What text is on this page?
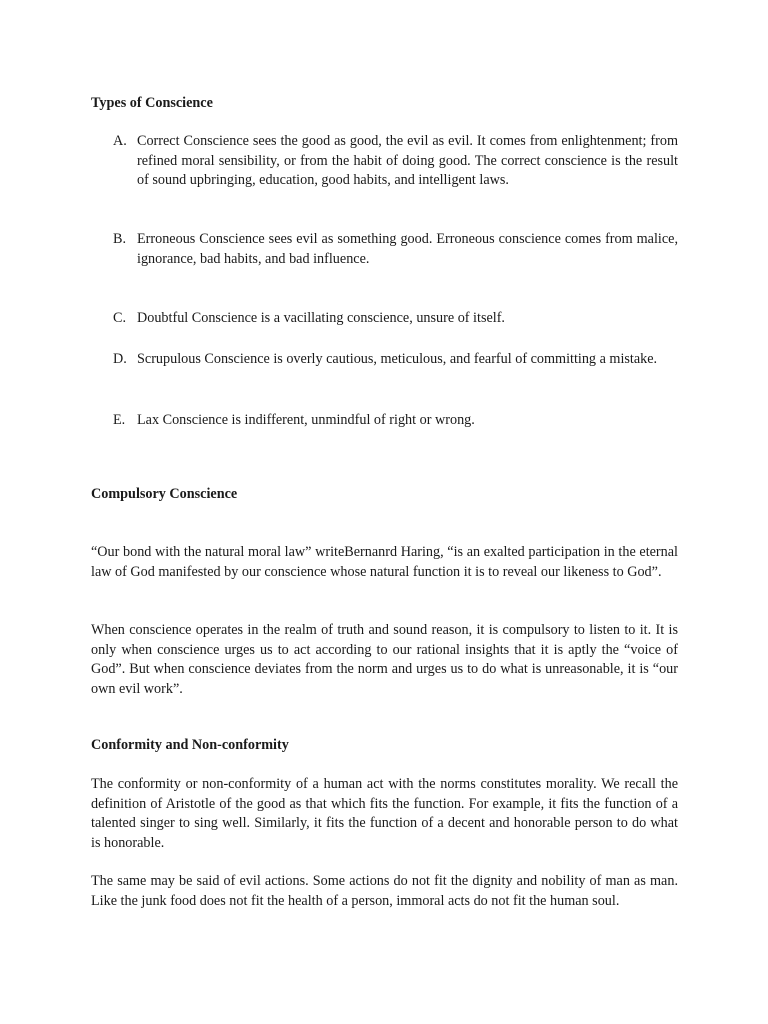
Types of Conscience
A. Correct Conscience sees the good as good, the evil as evil. It comes from enlightenment; from refined moral sensibility, or from the habit of doing good. The correct conscience is the result of sound upbringing, education, good habits, and intelligent laws.
B. Erroneous Conscience sees evil as something good. Erroneous conscience comes from malice, ignorance, bad habits, and bad influence.
C. Doubtful Conscience is a vacillating conscience, unsure of itself.
D. Scrupulous Conscience is overly cautious, meticulous, and fearful of committing a mistake.
E. Lax Conscience is indifferent, unmindful of right or wrong.
Compulsory Conscience
“Our bond with the natural moral law” writeBernanrd Haring, “is an exalted participation in the eternal law of God manifested by our conscience whose natural function it is to reveal our likeness to God”.
When conscience operates in the realm of truth and sound reason, it is compulsory to listen to it. It is only when conscience urges us to act according to our rational insights that it is aptly the “voice of God”. But when conscience deviates from the norm and urges us to do what is unreasonable, it is “our own evil work”.
Conformity and Non-conformity
The conformity or non-conformity of a human act with the norms constitutes morality. We recall the definition of Aristotle of the good as that which fits the function. For example, it fits the function of a talented singer to sing well. Similarly, it fits the function of a decent and honorable person to do what is honorable.
The same may be said of evil actions. Some actions do not fit the dignity and nobility of man as man. Like the junk food does not fit the health of a person, immoral acts do not fit the human soul.
